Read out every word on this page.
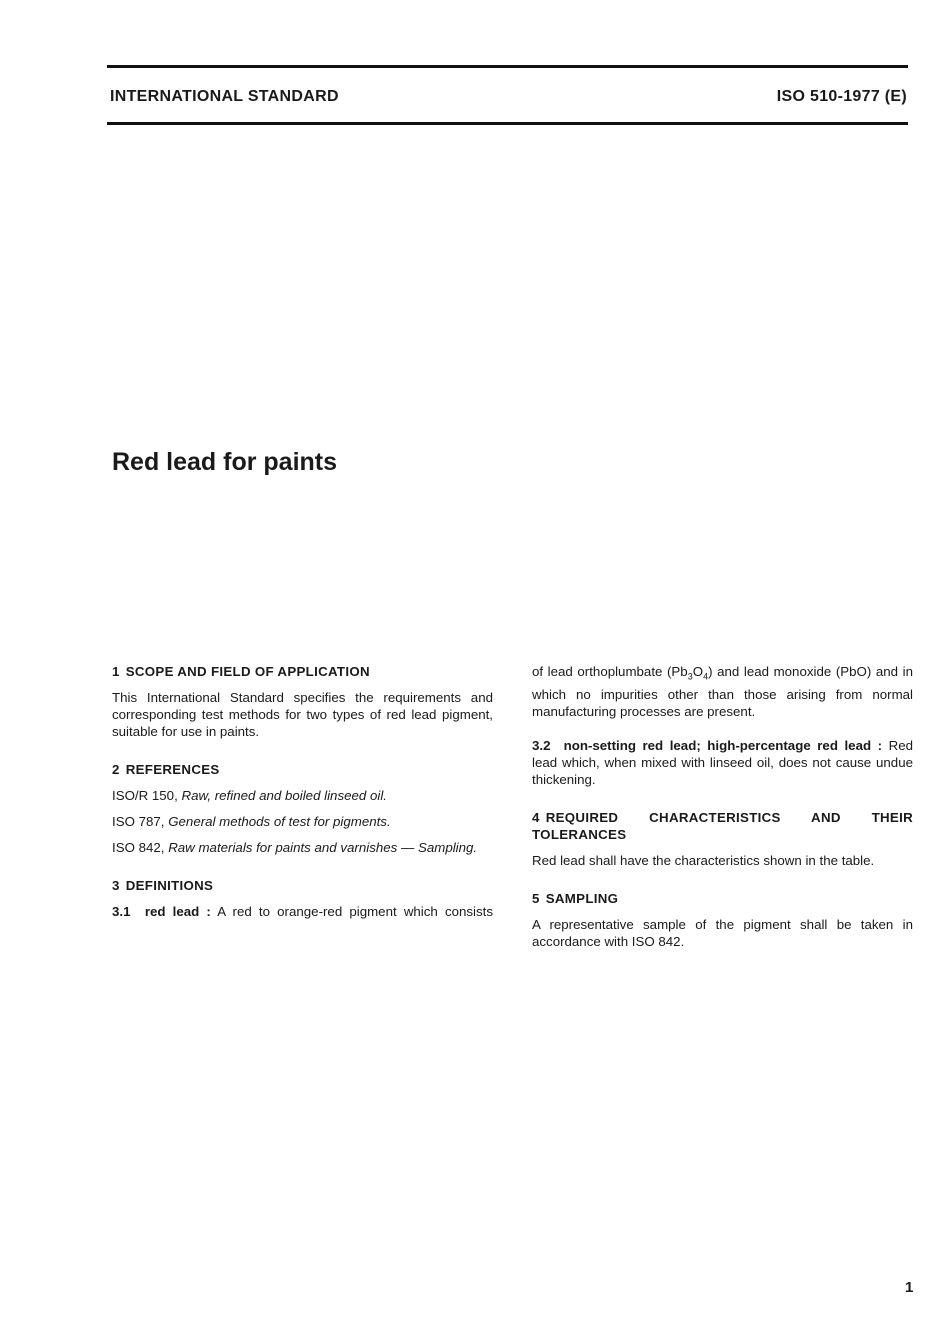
INTERNATIONAL STANDARD	ISO 510-1977 (E)
Red lead for paints
1 SCOPE AND FIELD OF APPLICATION

This International Standard specifies the requirements and corresponding test methods for two types of red lead pigment, suitable for use in paints.

2 REFERENCES

ISO/R 150, Raw, refined and boiled linseed oil.

ISO 787, General methods of test for pigments.

ISO 842, Raw materials for paints and varnishes — Sampling.

3 DEFINITIONS

3.1 red lead : A red to orange-red pigment which consists

of lead orthoplumbate $(Pb_3O_4)$ and lead monoxide (PbO) and in which no impurities other than those arising from normal manufacturing processes are present.

3.2 non-setting red lead; high-percentage red lead : Red lead which, when mixed with linseed oil, does not cause undue thickening.

4 REQUIRED CHARACTERISTICS AND THEIR
TOLERANCES

Red lead shall have the characteristics shown in the table.

5 SAMPLING

A representative sample of the pigment shall be taken in accordance with ISO 842.

1
